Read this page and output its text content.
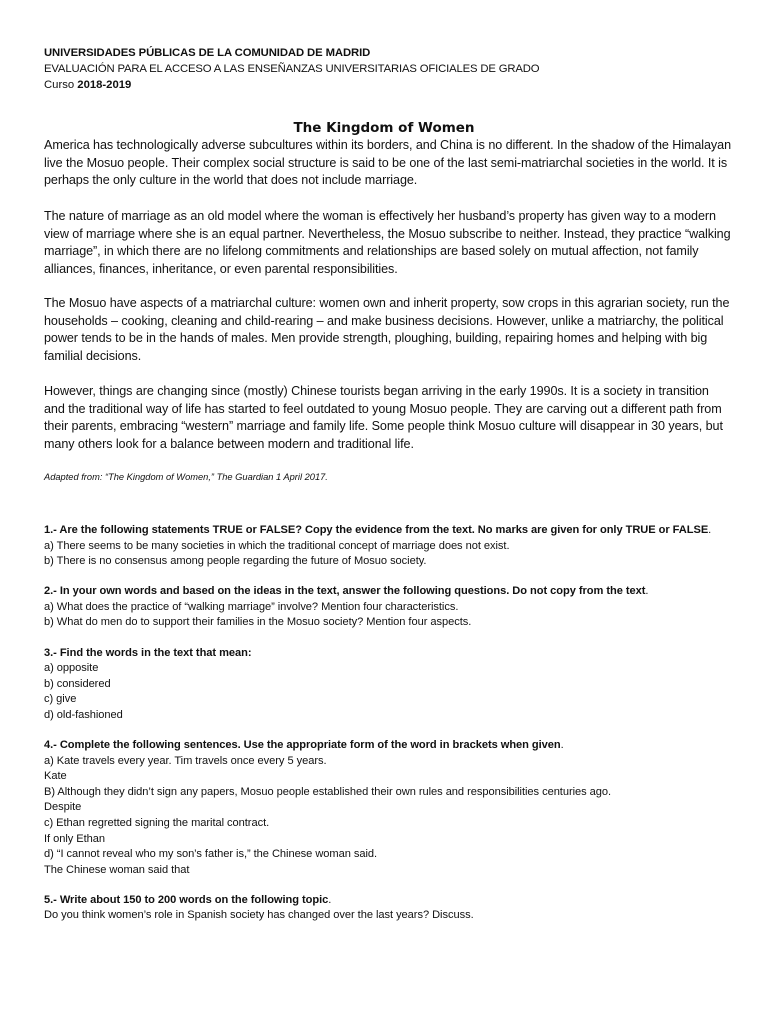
UNIVERSIDADES PÚBLICAS DE LA COMUNIDAD DE MADRID
EVALUACIÓN PARA EL ACCESO A LAS ENSEÑANZAS UNIVERSITARIAS OFICIALES DE GRADO
Curso 2018-2019
The Kingdom of Women

America has technologically adverse subcultures within its borders, and China is no different. In the shadow of the Himalayan live the Mosuo people. Their complex social structure is said to be one of the last semi-matriarchal societies in the world. It is perhaps the only culture in the world that does not include marriage.

The nature of marriage as an old model where the woman is effectively her husband’s property has given way to a modern view of marriage where she is an equal partner. Nevertheless, the Mosuo subscribe to neither. Instead, they practice “walking marriage”, in which there are no lifelong commitments and relationships are based solely on mutual affection, not family alliances, finances, inheritance, or even parental responsibilities.

The Mosuo have aspects of a matriarchal culture: women own and inherit property, sow crops in this agrarian society, run the households – cooking, cleaning and child-rearing – and make business decisions. However, unlike a matriarchy, the political power tends to be in the hands of males. Men provide strength, ploughing, building, repairing homes and helping with big familial decisions.

However, things are changing since (mostly) Chinese tourists began arriving in the early 1990s. It is a society in transition and the traditional way of life has started to feel outdated to young Mosuo people. They are carving out a different path from their parents, embracing “western” marriage and family life. Some people think Mosuo culture will disappear in 30 years, but many others look for a balance between modern and traditional life.

Adapted from: “The Kingdom of Women,” The Guardian 1 April 2017.
1.- Are the following statements TRUE or FALSE? Copy the evidence from the text. No marks are given for only TRUE or FALSE.
a) There seems to be many societies in which the traditional concept of marriage does not exist.
b) There is no consensus among people regarding the future of Mosuo society.
2.- In your own words and based on the ideas in the text, answer the following questions. Do not copy from the text.
a) What does the practice of “walking marriage” involve? Mention four characteristics.
b) What do men do to support their families in the Mosuo society? Mention four aspects.
3.- Find the words in the text that mean:
a) opposite
b) considered
c) give
d) old-fashioned
4.- Complete the following sentences. Use the appropriate form of the word in brackets when given.
a) Kate travels every year. Tim travels once every 5 years.
Kate
B) Although they didn’t sign any papers, Mosuo people established their own rules and responsibilities centuries ago.
Despite
c) Ethan regretted signing the marital contract.
If only Ethan
d) “I cannot reveal who my son’s father is,” the Chinese woman said.
The Chinese woman said that
5.- Write about 150 to 200 words on the following topic.
Do you think women’s role in Spanish society has changed over the last years? Discuss.
